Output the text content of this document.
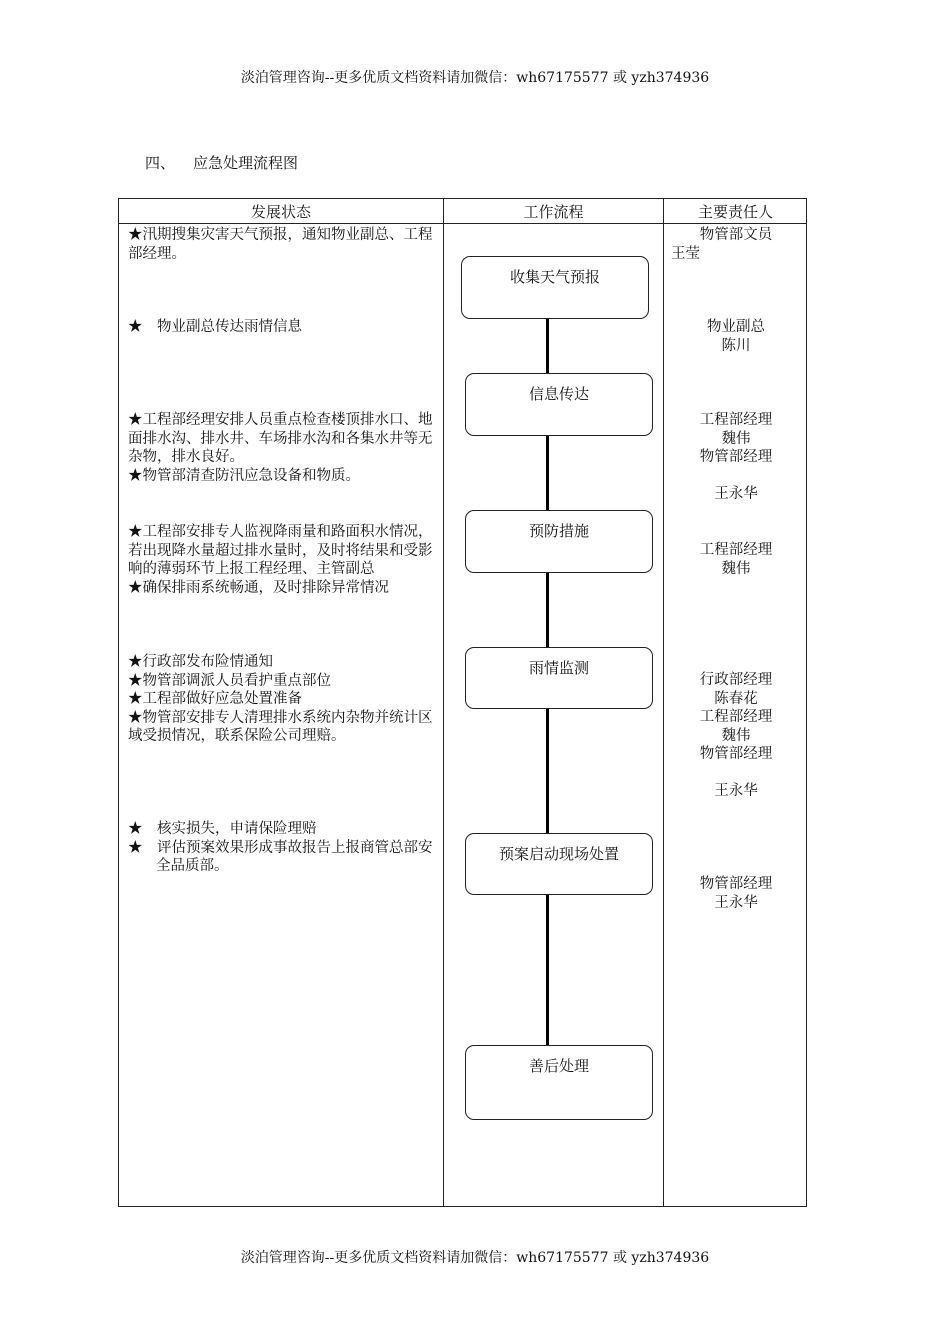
淡泊管理咨询--更多优质文档资料请加微信：wh67175577 或 yzh374936
四、 应急处理流程图
发展状态	工作流程	主要责任人

★汛期搜集灾害天气预报，通知物业副总、工程部经理。

★　物业副总传达雨情信息

★工程部经理安排人员重点检查楼顶排水口、地面排水沟、排水井、车场排水沟和各集水井等无杂物，排水良好。

★物管部清查防汛应急设备和物质。

★工程部安排专人监视降雨量和路面积水情况，若出现降水量超过排水量时，及时将结果和受影响的薄弱环节上报工程经理、主管副总

★确保排雨系统畅通，及时排除异常情况

★行政部发布险情通知

★物管部调派人员看护重点部位

★工程部做好应急处置准备

★物管部安排专人清理排水系统内杂物并统计区域受损情况，联系保险公司理赔。

★　核实损失，申请保险理赔

★　评估预案效果形成事故报告上报商管总部安全品质部。

收集天气预报
信息传达
预防措施
雨情监测
预案启动现场处置
善后处理

物管部文员

王莹

物业副总

陈川

工程部经理

魏伟

物管部经理

王永华

工程部经理

魏伟

行政部经理

陈春花

工程部经理

魏伟

物管部经理

王永华

物管部经理

王永华

淡泊管理咨询--更多优质文档资料请加微信：wh67175577 或 yzh374936
